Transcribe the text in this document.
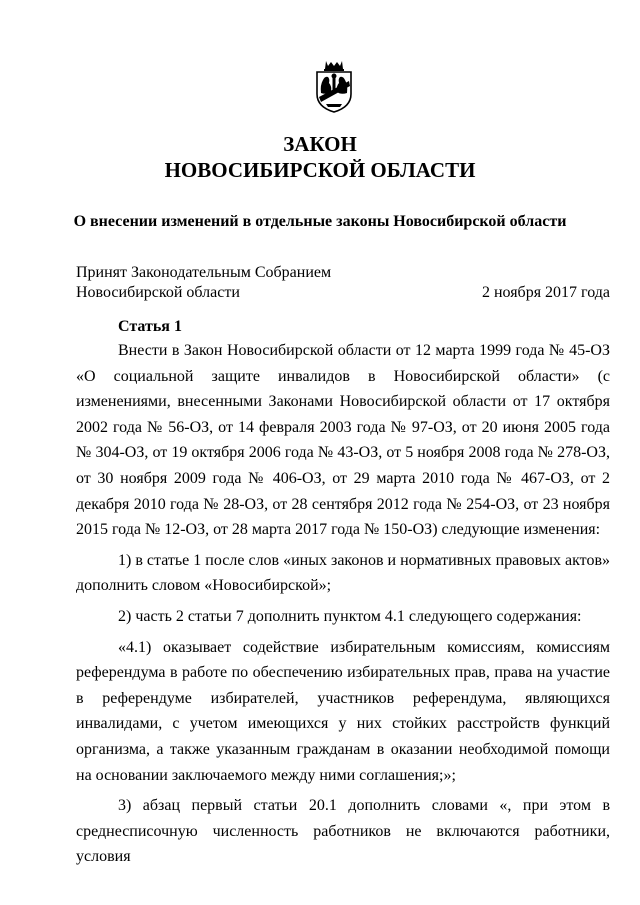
ЗАКОН
НОВОСИБИРСКОЙ ОБЛАСТИ
О внесении изменений в отдельные законы Новосибирской области
Принят Законодательным Собранием
Новосибирской области	2 ноября 2017 года
Статья 1

Внести в Закон Новосибирской области от 12 марта 1999 года № 45-ОЗ «О социальной защите инвалидов в Новосибирской области» (с изменениями, внесенными Законами Новосибирской области от 17 октября 2002 года № 56-ОЗ, от 14 февраля 2003 года № 97-ОЗ, от 20 июня 2005 года № 304-ОЗ, от 19 октября 2006 года № 43-ОЗ, от 5 ноября 2008 года № 278-ОЗ, от 30 ноября 2009 года № 406-ОЗ, от 29 марта 2010 года № 467-ОЗ, от 2 декабря 2010 года № 28-ОЗ, от 28 сентября 2012 года № 254-ОЗ, от 23 ноября 2015 года № 12-ОЗ, от 28 марта 2017 года № 150-ОЗ) следующие изменения:

1) в статье 1 после слов «иных законов и нормативных правовых актов» дополнить словом «Новосибирской»;

2) часть 2 статьи 7 дополнить пунктом 4.1 следующего содержания:

«4.1) оказывает содействие избирательным комиссиям, комиссиям референдума в работе по обеспечению избирательных прав, права на участие в референдуме избирателей, участников референдума, являющихся инвалидами, с учетом имеющихся у них стойких расстройств функций организма, а также указанным гражданам в оказании необходимой помощи на основании заключаемого между ними соглашения;»;

3) абзац первый статьи 20.1 дополнить словами «, при этом в среднесписочную численность работников не включаются работники, условия
